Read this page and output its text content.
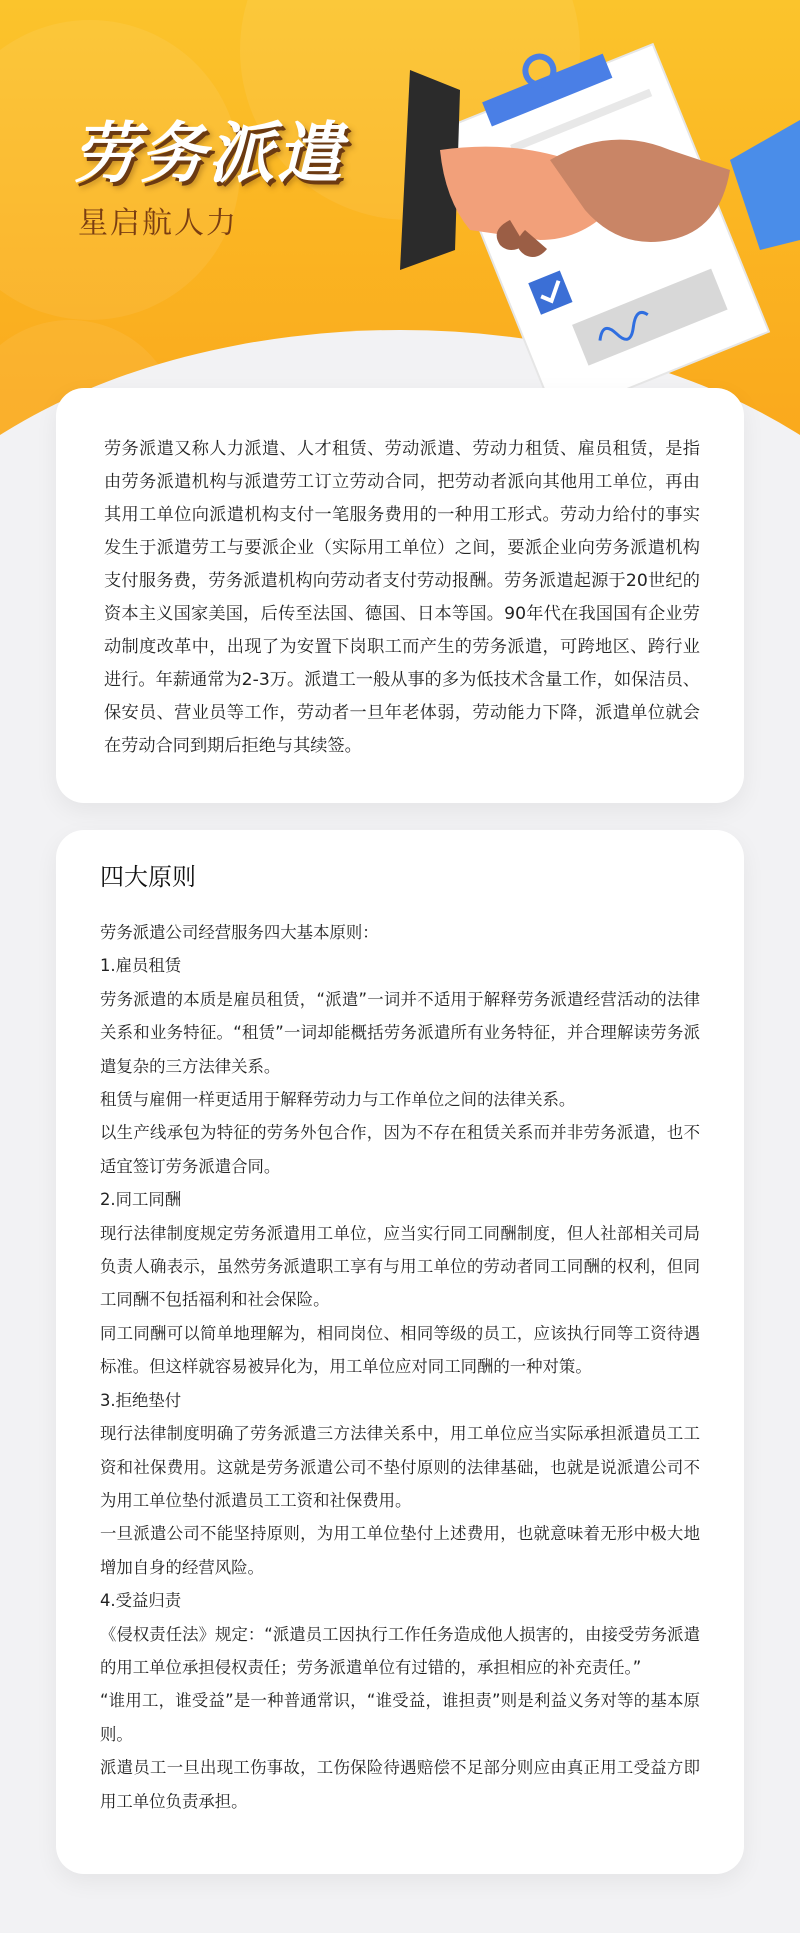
劳务派遣
星启航人力

劳务派遣又称人力派遣、人才租赁、劳动派遣、劳动力租赁、雇员租赁，是指由劳务派遣机构与派遣劳工订立劳动合同，把劳动者派向其他用工单位，再由其用工单位向派遣机构支付一笔服务费用的一种用工形式。劳动力给付的事实发生于派遣劳工与要派企业（实际用工单位）之间，要派企业向劳务派遣机构支付服务费，劳务派遣机构向劳动者支付劳动报酬。劳务派遣起源于20世纪的资本主义国家美国，后传至法国、德国、日本等国。90年代在我国国有企业劳动制度改革中，出现了为安置下岗职工而产生的劳务派遣，可跨地区、跨行业进行。年薪通常为2-3万。派遣工一般从事的多为低技术含量工作，如保洁员、保安员、营业员等工作，劳动者一旦年老体弱，劳动能力下降，派遣单位就会在劳动合同到期后拒绝与其续签。

四大原则

劳务派遣公司经营服务四大基本原则：

1.雇员租赁

劳务派遣的本质是雇员租赁，“派遣”一词并不适用于解释劳务派遣经营活动的法律关系和业务特征。“租赁”一词却能概括劳务派遣所有业务特征，并合理解读劳务派遣复杂的三方法律关系。

租赁与雇佣一样更适用于解释劳动力与工作单位之间的法律关系。

以生产线承包为特征的劳务外包合作，因为不存在租赁关系而并非劳务派遣，也不适宜签订劳务派遣合同。

2.同工同酬

现行法律制度规定劳务派遣用工单位，应当实行同工同酬制度，但人社部相关司局负责人确表示，虽然劳务派遣职工享有与用工单位的劳动者同工同酬的权利，但同工同酬不包括福利和社会保险。

同工同酬可以简单地理解为，相同岗位、相同等级的员工，应该执行同等工资待遇标准。但这样就容易被异化为，用工单位应对同工同酬的一种对策。

3.拒绝垫付

现行法律制度明确了劳务派遣三方法律关系中，用工单位应当实际承担派遣员工工资和社保费用。这就是劳务派遣公司不垫付原则的法律基础，也就是说派遣公司不为用工单位垫付派遣员工工资和社保费用。

一旦派遣公司不能坚持原则，为用工单位垫付上述费用，也就意味着无形中极大地增加自身的经营风险。

4.受益归责

《侵权责任法》规定：“派遣员工因执行工作任务造成他人损害的，由接受劳务派遣的用工单位承担侵权责任；劳务派遣单位有过错的，承担相应的补充责任。”

“谁用工，谁受益”是一种普通常识，“谁受益，谁担责”则是利益义务对等的基本原则。

派遣员工一旦出现工伤事故，工伤保险待遇赔偿不足部分则应由真正用工受益方即用工单位负责承担。
